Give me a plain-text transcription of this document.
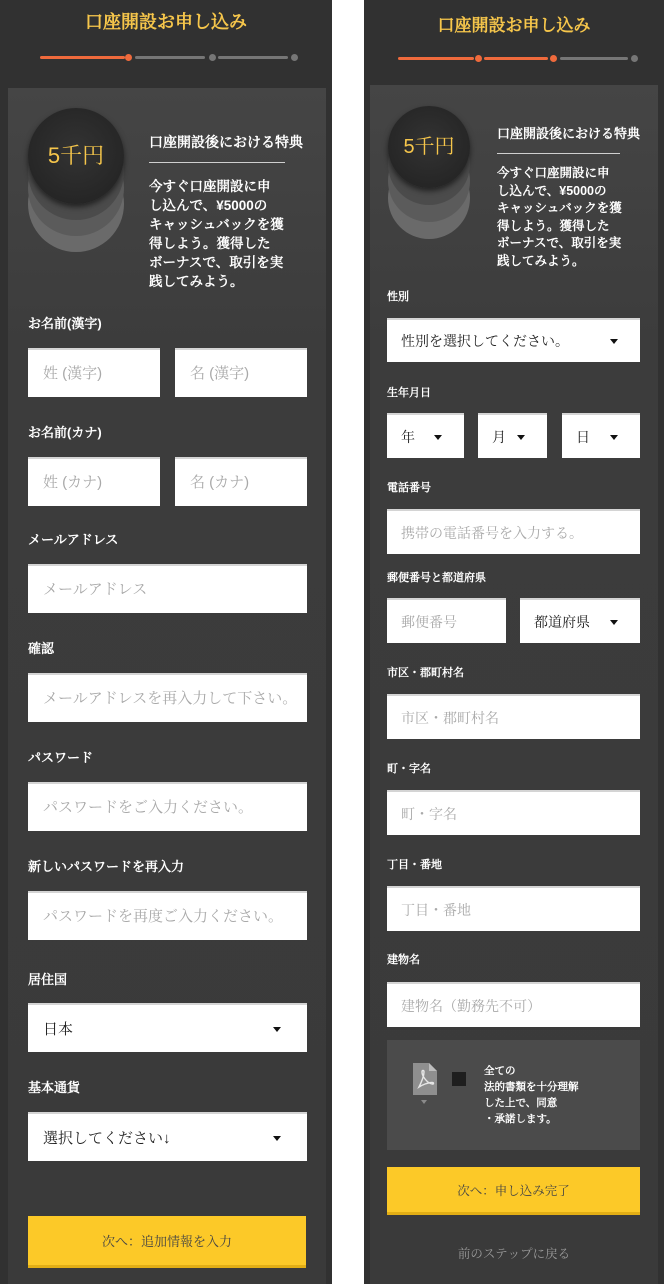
口座開設お申し込み
5千円
口座開設後における特典
今すぐ口座開設に申
し込んで、¥5000の
キャッシュバックを獲
得しよう。獲得した
ボーナスで、取引を実
践してみよう。
お名前(漢字)
姓 (漢字)
名 (漢字)
お名前(カナ)
姓 (カナ)
名 (カナ)
メールアドレス
メールアドレス
確認
メールアドレスを再入力して下さい。
パスワード
新しいパスワードを再入力
居住国
日本
基本通貨
選択してください↓
次へ：追加情報を入力
口座開設お申し込み
5千円
口座開設後における特典
今すぐ口座開設に申
し込んで、¥5000の
キャッシュバックを獲
得しよう。獲得した
ボーナスで、取引を実
践してみよう。
性別
性別を選択してください。
生年月日
年	月	日
電話番号
携帯の電話番号を入力する。
郵便番号と都道府県
郵便番号
都道府県
市区・郡町村名
市区・郡町村名
町・字名
町・字名
丁目・番地
丁目・番地
建物名
建物名（勤務先不可）
全ての
法的書類を十分理解
した上で、同意
・承諾します。
次へ：申し込み完了
前のステップに戻る
